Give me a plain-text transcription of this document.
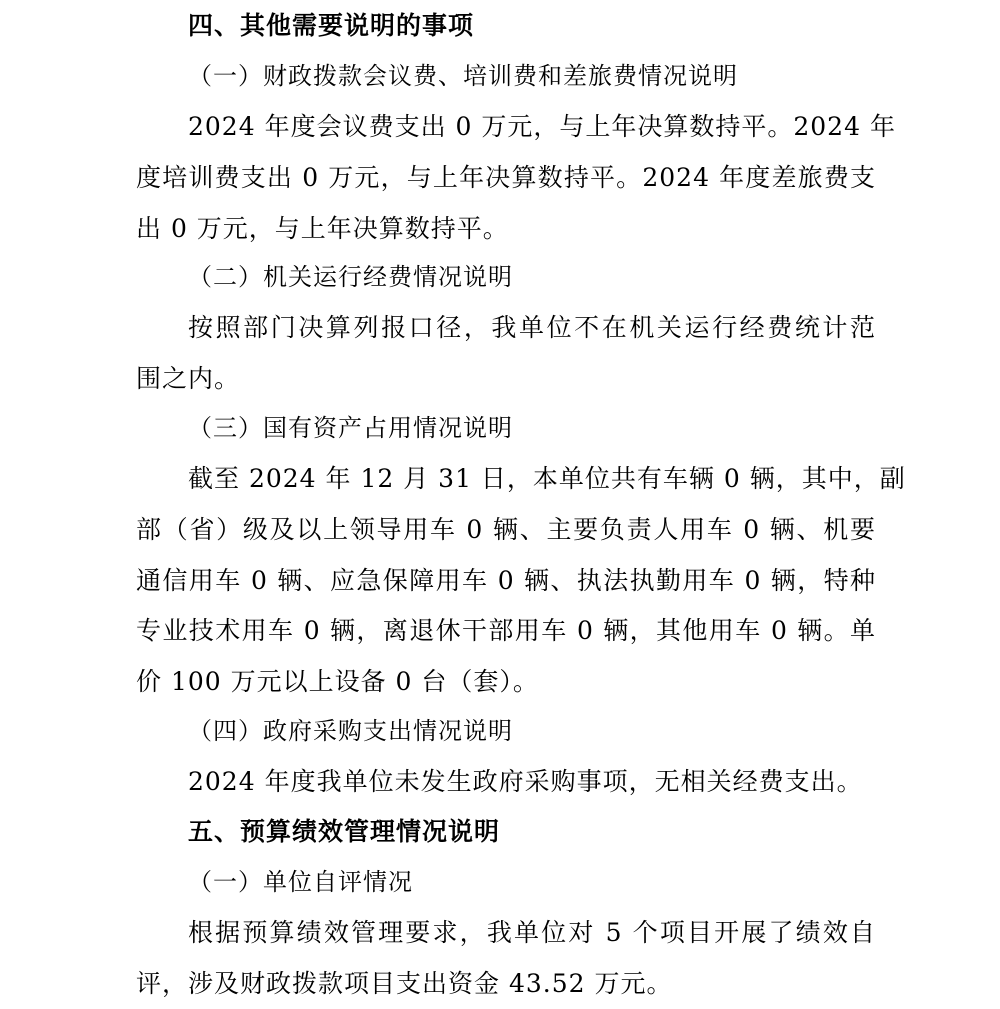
四、其他需要说明的事项
（一）财政拨款会议费、培训费和差旅费情况说明
2024 年度会议费支出 0 万元，与上年决算数持平。2024 年
度培训费支出 0 万元，与上年决算数持平。2024 年度差旅费支
出 0 万元，与上年决算数持平。
（二）机关运行经费情况说明
按照部门决算列报口径，我单位不在机关运行经费统计范
围之内。
（三）国有资产占用情况说明
截至 2024 年 12 月 31 日，本单位共有车辆 0 辆，其中，副
部（省）级及以上领导用车 0 辆、主要负责人用车 0 辆、机要
通信用车 0 辆、应急保障用车 0 辆、执法执勤用车 0 辆，特种
专业技术用车 0 辆，离退休干部用车 0 辆，其他用车 0 辆。单
价 100 万元以上设备 0 台（套）。
（四）政府采购支出情况说明
2024 年度我单位未发生政府采购事项，无相关经费支出。
五、预算绩效管理情况说明
（一）单位自评情况
根据预算绩效管理要求，我单位对 5 个项目开展了绩效自
评，涉及财政拨款项目支出资金 43.52 万元。
